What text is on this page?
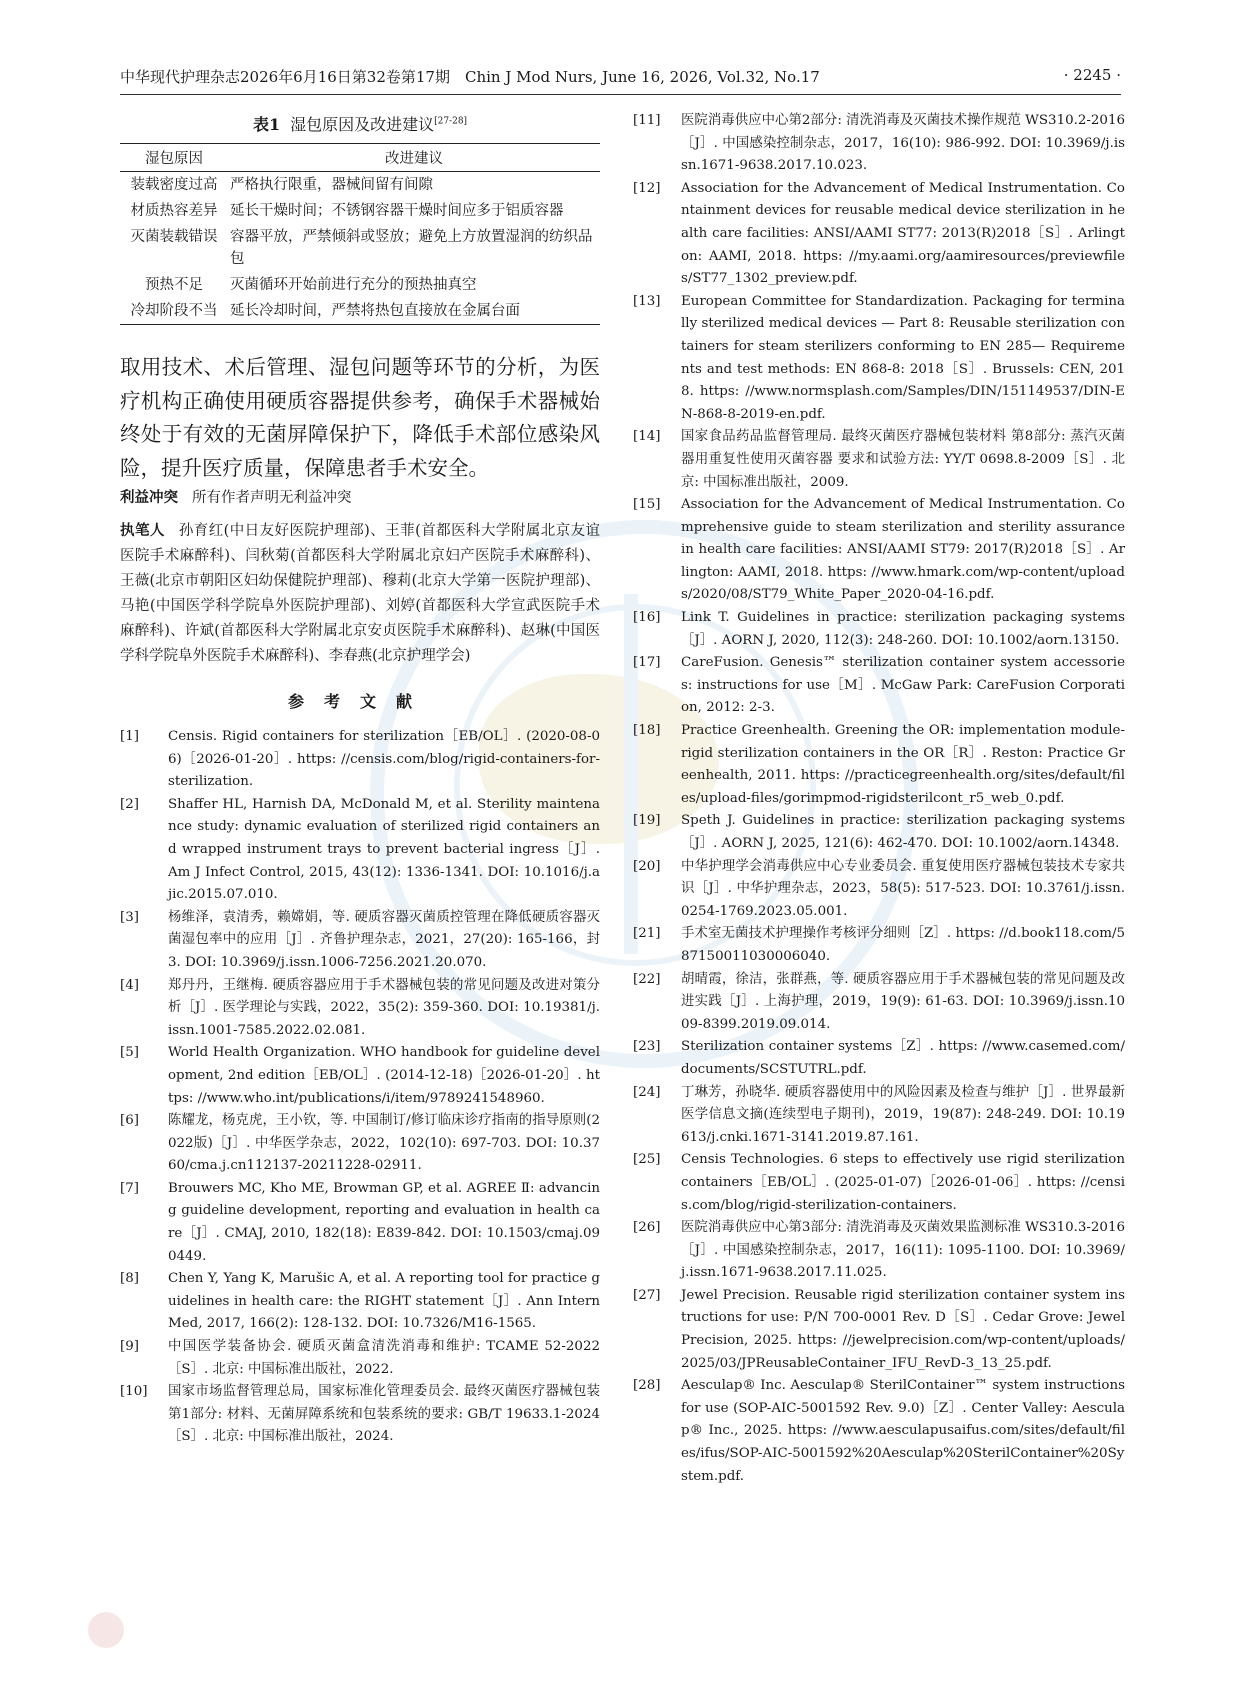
中华现代护理杂志2026年6月16日第32卷第17期　Chin J Mod Nurs, June 16, 2026, Vol.32, No.17	· 2245 ·
表1 湿包原因及改进建议[27-28]
湿包原因	改进建议
装载密度过高	严格执行限重，器械间留有间隙
材质热容差异	延长干燥时间；不锈钢容器干燥时间应多于铝质容器
灭菌装载错误	容器平放，严禁倾斜或竖放；避免上方放置湿润的纺织品包
预热不足	灭菌循环开始前进行充分的预热抽真空
冷却阶段不当	延长冷却时间，严禁将热包直接放在金属台面
取用技术、术后管理、湿包问题等环节的分析，为医疗机构正确使用硬质容器提供参考，确保手术器械始终处于有效的无菌屏障保护下，降低手术部位感染风险，提升医疗质量，保障患者手术安全。
利益冲突 所有作者声明无利益冲突
执笔人 孙育红(中日友好医院护理部)、王菲(首都医科大学附属北京友谊医院手术麻醉科)、闫秋菊(首都医科大学附属北京妇产医院手术麻醉科)、王薇(北京市朝阳区妇幼保健院护理部)、穆莉(北京大学第一医院护理部)、马艳(中国医学科学院阜外医院护理部)、刘婷(首都医科大学宣武医院手术麻醉科)、许斌(首都医科大学附属北京安贞医院手术麻醉科)、赵琳(中国医学科学院阜外医院手术麻醉科)、李春燕(北京护理学会)
参考文献
[1]	Censis. Rigid containers for sterilization［EB/OL］. (2020-08-06)［2026-01-20］. https: //censis.com/blog/rigid-containers-for-sterilization.
[2]	Shaffer HL, Harnish DA, McDonald M, et al. Sterility maintenance study: dynamic evaluation of sterilized rigid containers and wrapped instrument trays to prevent bacterial ingress［J］. Am J Infect Control, 2015, 43(12): 1336-1341. DOI: 10.1016/j.ajic.2015.07.010.
[3]	杨维泽，袁清秀，赖嫦娟，等. 硬质容器灭菌质控管理在降低硬质容器灭菌湿包率中的应用［J］. 齐鲁护理杂志，2021，27(20): 165-166，封3. DOI: 10.3969/j.issn.1006-7256.2021.20.070.
[4]	郑丹丹，王继梅. 硬质容器应用于手术器械包装的常见问题及改进对策分析［J］. 医学理论与实践，2022，35(2): 359-360. DOI: 10.19381/j.issn.1001-7585.2022.02.081.
[5]	World Health Organization. WHO handbook for guideline development, 2nd edition［EB/OL］. (2014-12-18)［2026-01-20］. https: //www.who.int/publications/i/item/9789241548960.
[6]	陈耀龙，杨克虎，王小钦，等. 中国制订/修订临床诊疗指南的指导原则(2022版)［J］. 中华医学杂志，2022，102(10): 697-703. DOI: 10.3760/cma.j.cn112137-20211228-02911.
[7]	Brouwers MC, Kho ME, Browman GP, et al. AGREE Ⅱ: advancing guideline development, reporting and evaluation in health care［J］. CMAJ, 2010, 182(18): E839-842. DOI: 10.1503/cmaj.090449.
[8]	Chen Y, Yang K, Marušic A, et al. A reporting tool for practice guidelines in health care: the RIGHT statement［J］. Ann Intern Med, 2017, 166(2): 128-132. DOI: 10.7326/M16-1565.
[9]	中国医学装备协会. 硬质灭菌盒清洗消毒和维护: TCAME 52-2022［S］. 北京: 中国标准出版社，2022.
[10]	国家市场监督管理总局，国家标准化管理委员会. 最终灭菌医疗器械包装 第1部分: 材料、无菌屏障系统和包装系统的要求: GB/T 19633.1-2024［S］. 北京: 中国标准出版社，2024.
[11]	医院消毒供应中心第2部分: 清洗消毒及灭菌技术操作规范 WS310.2-2016［J］. 中国感染控制杂志，2017，16(10): 986-992. DOI: 10.3969/j.issn.1671-9638.2017.10.023.
[12]	Association for the Advancement of Medical Instrumentation. Containment devices for reusable medical device sterilization in health care facilities: ANSI/AAMI ST77: 2013(R)2018［S］. Arlington: AAMI, 2018. https: //my.aami.org/aamiresources/previewfiles/ST77_1302_preview.pdf.
[13]	European Committee for Standardization. Packaging for terminally sterilized medical devices — Part 8: Reusable sterilization containers for steam sterilizers conforming to EN 285— Requirements and test methods: EN 868-8: 2018［S］. Brussels: CEN, 2018. https: //www.normsplash.com/Samples/DIN/151149537/DIN-EN-868-8-2019-en.pdf.
[14]	国家食品药品监督管理局. 最终灭菌医疗器械包装材料 第8部分: 蒸汽灭菌器用重复性使用灭菌容器 要求和试验方法: YY/T 0698.8-2009［S］. 北京: 中国标准出版社，2009.
[15]	Association for the Advancement of Medical Instrumentation. Comprehensive guide to steam sterilization and sterility assurance in health care facilities: ANSI/AAMI ST79: 2017(R)2018［S］. Arlington: AAMI, 2018. https: //www.hmark.com/wp-content/uploads/2020/08/ST79_White_Paper_2020-04-16.pdf.
[16]	Link T. Guidelines in practice: sterilization packaging systems［J］. AORN J, 2020, 112(3): 248-260. DOI: 10.1002/aorn.13150.
[17]	CareFusion. Genesis™ sterilization container system accessories: instructions for use［M］. McGaw Park: CareFusion Corporation, 2012: 2-3.
[18]	Practice Greenhealth. Greening the OR: implementation module-rigid sterilization containers in the OR［R］. Reston: Practice Greenhealth, 2011. https: //practicegreenhealth.org/sites/default/files/upload-files/gorimpmod-rigidsterilcont_r5_web_0.pdf.
[19]	Speth J. Guidelines in practice: sterilization packaging systems［J］. AORN J, 2025, 121(6): 462-470. DOI: 10.1002/aorn.14348.
[20]	中华护理学会消毒供应中心专业委员会. 重复使用医疗器械包装技术专家共识［J］. 中华护理杂志，2023，58(5): 517-523. DOI: 10.3761/j.issn.0254-1769.2023.05.001.
[21]	手术室无菌技术护理操作考核评分细则［Z］. https: //d.book118.com/587150011030006040.
[22]	胡晴霞，徐洁，张群燕，等. 硬质容器应用于手术器械包装的常见问题及改进实践［J］. 上海护理，2019，19(9): 61-63. DOI: 10.3969/j.issn.1009-8399.2019.09.014.
[23]	Sterilization container systems［Z］. https: //www.casemed.com/documents/SCSTUTRL.pdf.
[24]	丁琳芳，孙晓华. 硬质容器使用中的风险因素及检查与维护［J］. 世界最新医学信息文摘(连续型电子期刊)，2019，19(87): 248-249. DOI: 10.19613/j.cnki.1671-3141.2019.87.161.
[25]	Censis Technologies. 6 steps to effectively use rigid sterilization containers［EB/OL］. (2025-01-07)［2026-01-06］. https: //censis.com/blog/rigid-sterilization-containers.
[26]	医院消毒供应中心第3部分: 清洗消毒及灭菌效果监测标准 WS310.3-2016［J］. 中国感染控制杂志，2017，16(11): 1095-1100. DOI: 10.3969/j.issn.1671-9638.2017.11.025.
[27]	Jewel Precision. Reusable rigid sterilization container system instructions for use: P/N 700-0001 Rev. D［S］. Cedar Grove: Jewel Precision, 2025. https: //jewelprecision.com/wp-content/uploads/2025/03/JPReusableContainer_IFU_RevD-3_13_25.pdf.
[28]	Aesculap® Inc. Aesculap® SterilContainer™ system instructions for use (SOP-AIC-5001592 Rev. 9.0)［Z］. Center Valley: Aesculap® Inc., 2025. https: //www.aesculapusaifus.com/sites/default/files/ifus/SOP-AIC-5001592%20Aesculap%20SterilContainer%20System.pdf.
